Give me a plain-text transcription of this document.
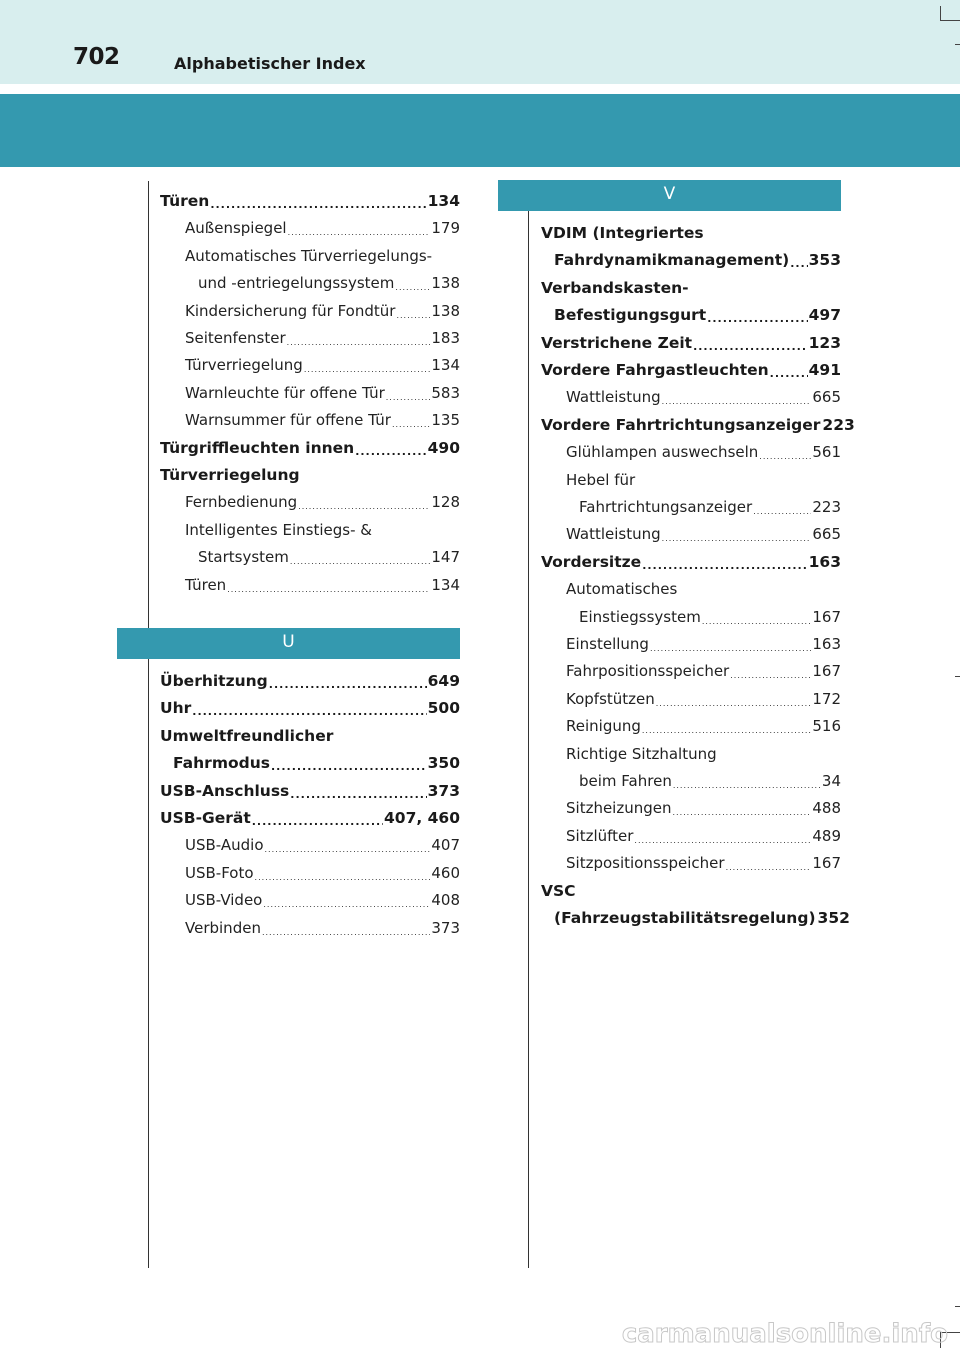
702	Alphabetischer Index
Türen .....	134
Außenspiegel .....	179
Automatisches Türverriegelungs-
und -entriegelungssystem ..... 138
Kindersicherung für Fondtür ..... 138
Seitenfenster .....	183
Türverriegelung .....	134
Warnleuchte für offene Tür .....	583
Warnsummer für offene Tür .....	135
Türgriffleuchten innen .....	490
Türverriegelung
Fernbedienung .....	128
Intelligentes Einstiegs- &
Startsystem .....	147
Türen .....	134
U
Überhitzung .....	649
Uhr .....	500
Umweltfreundlicher
Fahrmodus .....	350
USB-Anschluss .....	373
USB-Gerät .....	407, 460
USB-Audio .....	407
USB-Foto .....	460
USB-Video .....	408
Verbinden .....	373
V
VDIM (Integriertes
Fahrdynamikmanagement) ..... 353
Verbandskasten-
Befestigungsgurt .....	497
Verstrichene Zeit .....	123
Vordere Fahrgastleuchten .....	491
Wattleistung .....	665
Vordere Fahrtrichtungsanzeiger 223
Glühlampen auswechseln .....	561
Hebel für
Fahrtrichtungsanzeiger .....	223
Wattleistung .....	665
Vordersitze .....	163
Automatisches
Einstiegssystem .....	167
Einstellung .....	163
Fahrpositionsspeicher .....	167
Kopfstützen .....	172
Reinigung .....	516
Richtige Sitzhaltung
beim Fahren .....	34
Sitzheizungen .....	488
Sitzlüfter .....	489
Sitzpositionsspeicher .....	167
VSC
(Fahrzeugstabilitätsregelung) 352
carmanualsonline.info
